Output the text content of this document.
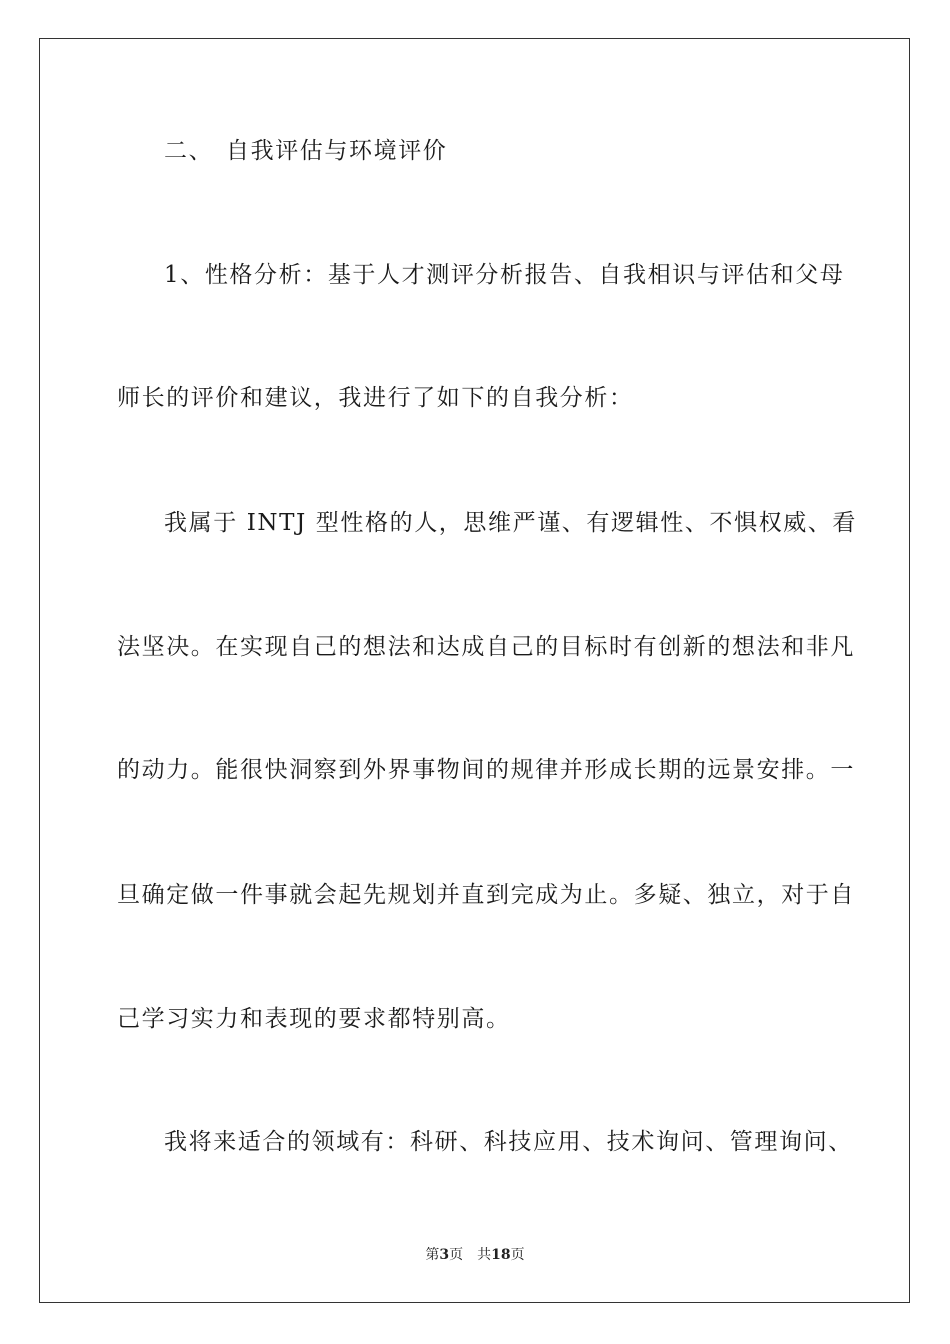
二、 自我评估与环境评价
1、性格分析：基于人才测评分析报告、自我相识与评估和父母
师长的评价和建议，我进行了如下的自我分析：
我属于 INTJ 型性格的人，思维严谨、有逻辑性、不惧权威、看
法坚决。在实现自己的想法和达成自己的目标时有创新的想法和非凡
的动力。能很快洞察到外界事物间的规律并形成长期的远景安排。一
旦确定做一件事就会起先规划并直到完成为止。多疑、独立，对于自
己学习实力和表现的要求都特别高。
我将来适合的领域有：科研、科技应用、技术询问、管理询问、
第3页 共18页
